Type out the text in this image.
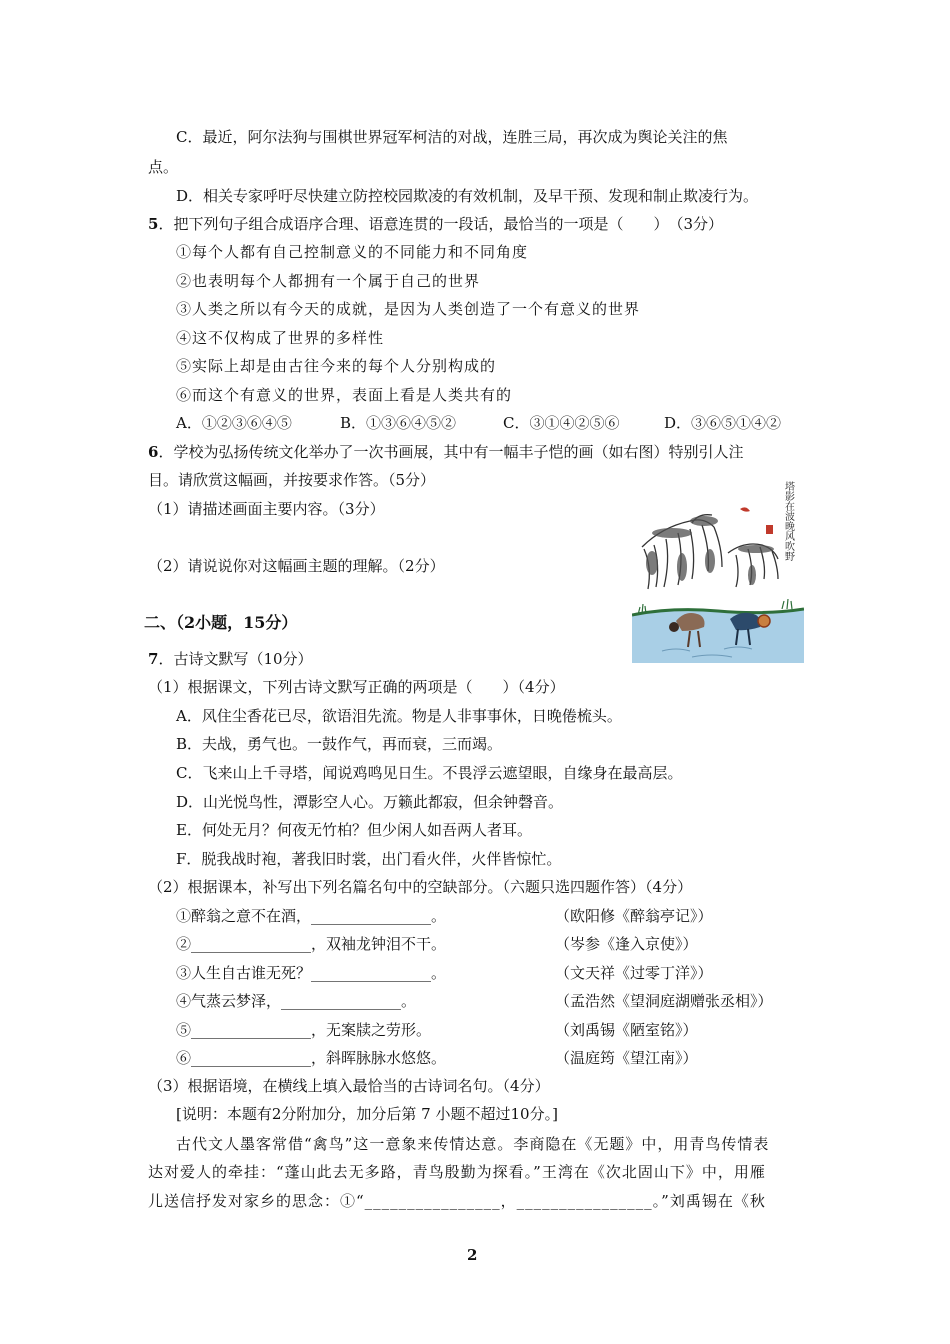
C．最近，阿尔法狗与围棋世界冠军柯洁的对战，连胜三局，再次成为舆论关注的焦
点。
D．相关专家呼吁尽快建立防控校园欺凌的有效机制，及早干预、发现和制止欺凌行为。
5．把下列句子组合成语序合理、语意连贯的一段话，最恰当的一项是（　　）　（3分）
①每个人都有自己控制意义的不同能力和不同角度
②也表明每个人都拥有一个属于自己的世界
③人类之所以有今天的成就，是因为人类创造了一个有意义的世界
④这不仅构成了世界的多样性
⑤实际上却是由古往今来的每个人分别构成的
⑥而这个有意义的世界，表面上看是人类共有的
A．①②③⑥④⑤	B．①③⑥④⑤②	C．③①④②⑤⑥	D．③⑥⑤①④②
6．学校为弘扬传统文化举办了一次书画展，其中有一幅丰子恺的画（如右图）特别引人注
目。请欣赏这幅画，并按要求作答。（5分）
（1）请描述画面主要内容。（3分）
（2）请说说你对这幅画主题的理解。（2分）
塔影在波晚风吹野
二、（2小题，15分）
7．古诗文默写（10分）
（1）根据课文，下列古诗文默写正确的两项是（　　）（4分）
A．风住尘香花已尽，欲语泪先流。物是人非事事休，日晚倦梳头。
B．夫战，勇气也。一鼓作气，再而衰，三而竭。
C．飞来山上千寻塔，闻说鸡鸣见日生。不畏浮云遮望眼，自缘身在最高层。
D．山光悦鸟性，潭影空人心。万籁此都寂，但余钟磬音。
E．何处无月？何夜无竹柏？但少闲人如吾两人者耳。
F．脱我战时袍，著我旧时裳，出门看火伴，火伴皆惊忙。
（2）根据课本，补写出下列名篇名句中的空缺部分。（六题只选四题作答）（4分）
①醉翁之意不在酒，________________。	（欧阳修《醉翁亭记》）
②________________，双袖龙钟泪不干。	（岑参《逢入京使》）
③人生自古谁无死？________________。	（文天祥《过零丁洋》）
④气蒸云梦泽，________________。	（孟浩然《望洞庭湖赠张丞相》）
⑤________________，无案牍之劳形。	（刘禹锡《陋室铭》）
⑥________________，斜晖脉脉水悠悠。	（温庭筠《望江南》）
（3）根据语境，在横线上填入最恰当的古诗词名句。（4分）
[说明：本题有2分附加分，加分后第 7 小题不超过10分。]
古代文人墨客常借“禽鸟”这一意象来传情达意。李商隐在《无题》中，用青鸟传情表
达对爱人的牵挂：“蓬山此去无多路，青鸟殷勤为探看。”王湾在《次北固山下》中，用雁
儿送信抒发对家乡的思念：①“________________，________________。”刘禹锡在《秋
2
